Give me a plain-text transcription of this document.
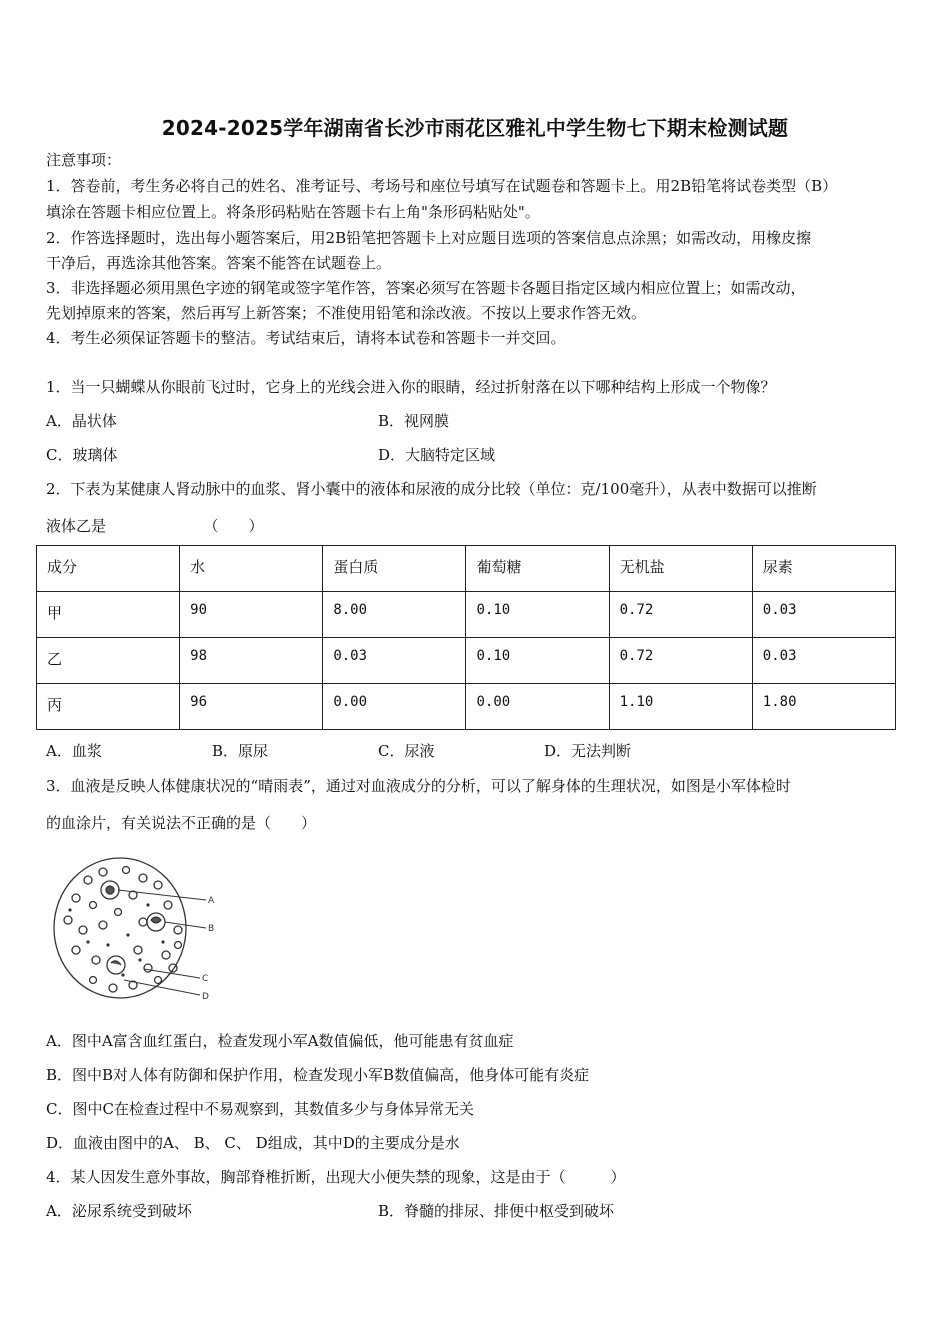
2024-2025学年湖南省长沙市雨花区雅礼中学生物七下期末检测试题
注意事项：
1．答卷前，考生务必将自己的姓名、准考证号、考场号和座位号填写在试题卷和答题卡上。用2B铅笔将试卷类型（B）
填涂在答题卡相应位置上。将条形码粘贴在答题卡右上角"条形码粘贴处"。
2．作答选择题时，选出每小题答案后，用2B铅笔把答题卡上对应题目选项的答案信息点涂黑；如需改动，用橡皮擦
干净后，再选涂其他答案。答案不能答在试题卷上。
3．非选择题必须用黑色字迹的钢笔或签字笔作答，答案必须写在答题卡各题目指定区域内相应位置上；如需改动，
先划掉原来的答案，然后再写上新答案；不准使用铅笔和涂改液。不按以上要求作答无效。
4．考生必须保证答题卡的整洁。考试结束后，请将本试卷和答题卡一并交回。
1．当一只蝴蝶从你眼前飞过时，它身上的光线会进入你的眼睛，经过折射落在以下哪种结构上形成一个物像？
A．晶状体	B．视网膜
C．玻璃体	D．大脑特定区域
2．下表为某健康人肾动脉中的血浆、肾小囊中的液体和尿液的成分比较（单位：克/100毫升），从表中数据可以推断
液体乙是　　　　　　　（　　）
成分	水	蛋白质	葡萄糖	无机盐	尿素
甲	90	8.00	0.10	0.72	0.03
乙	98	0.03	0.10	0.72	0.03
丙	96	0.00	0.00	1.10	1.80
A．血浆	B．原尿	C．尿液	D．无法判断
3．血液是反映人体健康状况的“晴雨表”，通过对血液成分的分析，可以了解身体的生理状况，如图是小军体检时
的血涂片，有关说法不正确的是（　　）
A
B
C
D
A．图中A富含血红蛋白，检查发现小军A数值偏低，他可能患有贫血症
B．图中B对人体有防御和保护作用，检查发现小军B数值偏高，他身体可能有炎症
C．图中C在检查过程中不易观察到，其数值多少与身体异常无关
D．血液由图中的A、 B、 C、 D组成，其中D的主要成分是水
4．某人因发生意外事故，胸部脊椎折断，出现大小便失禁的现象，这是由于（　　　）
A．泌尿系统受到破坏	B．脊髓的排尿、排便中枢受到破坏
